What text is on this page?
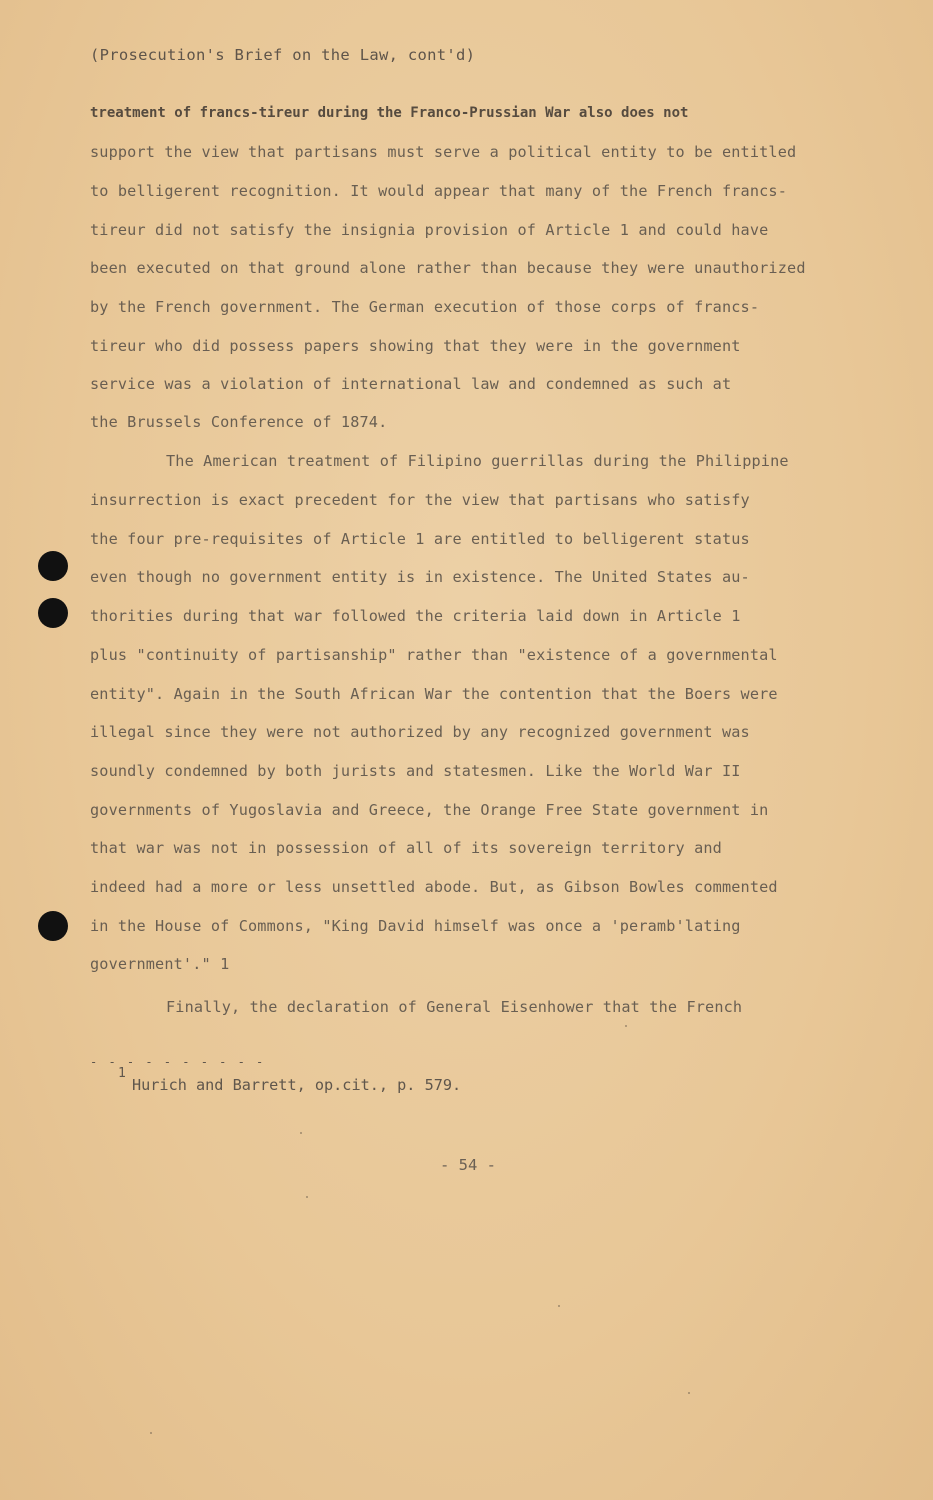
(Prosecution's Brief on the Law, cont'd)
treatment of francs-tireur during the Franco-Prussian War also does not
support the view that partisans must serve a political entity to be entitled
to belligerent recognition. It would appear that many of the French francs-
tireur did not satisfy the insignia provision of Article 1 and could have
been executed on that ground alone rather than because they were unauthorized
by the French government. The German execution of those corps of francs-
tireur who did possess papers showing that they were in the government
service was a violation of international law and condemned as such at
the Brussels Conference of 1874.
The American treatment of Filipino guerrillas during the Philippine
insurrection is exact precedent for the view that partisans who satisfy
the four pre-requisites of Article 1 are entitled to belligerent status
even though no government entity is in existence. The United States au-
thorities during that war followed the criteria laid down in Article 1
plus "continuity of partisanship" rather than "existence of a governmental
entity". Again in the South African War the contention that the Boers were
illegal since they were not authorized by any recognized government was
soundly condemned by both jurists and statesmen. Like the World War II
governments of Yugoslavia and Greece, the Orange Free State government in
that war was not in possession of all of its sovereign territory and
indeed had a more or less unsettled abode. But, as Gibson Bowles commented
in the House of Commons, "King David himself was once a 'peramb'lating
government'." 1
Finally, the declaration of General Eisenhower that the French
- - - - - - - - - -
1
Hurich and Barrett, op.cit., p. 579.
- 54 -
